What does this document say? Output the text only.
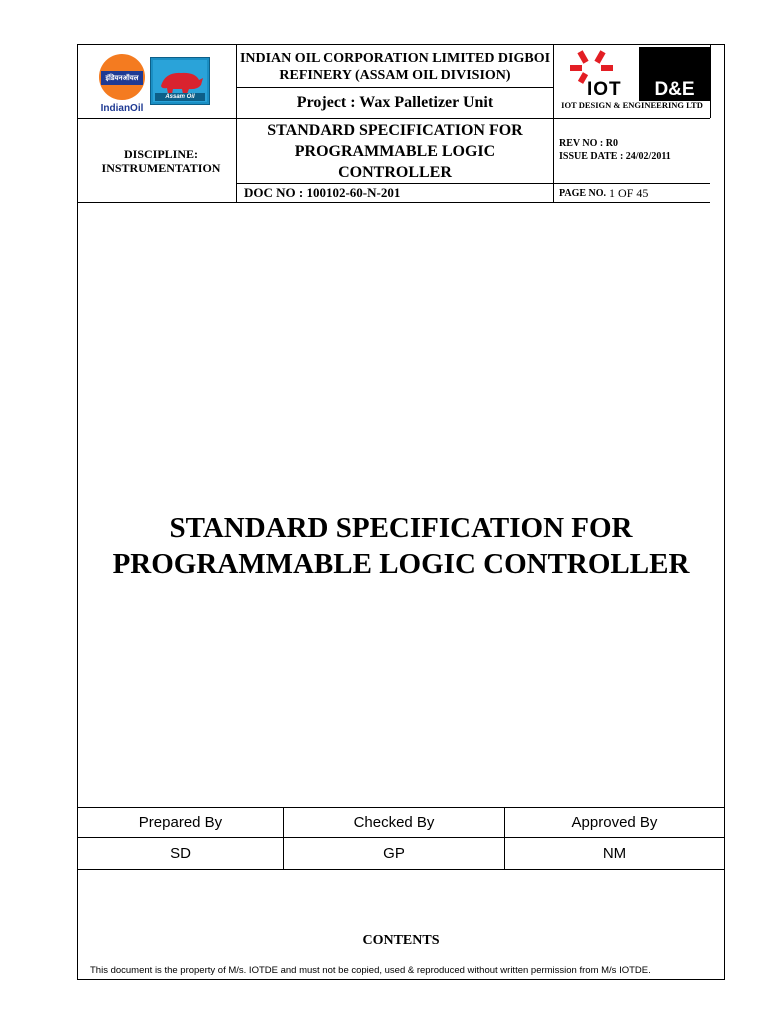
इंडियनऑयल
IndianOil
Assam Oil
INDIAN OIL CORPORATION LIMITED DIGBOI REFINERY (ASSAM OIL DIVISION)
Project : Wax Palletizer Unit
IOT	D&E
IOT DESIGN & ENGINEERING LTD
DISCIPLINE: INSTRUMENTATION
STANDARD SPECIFICATION FOR PROGRAMMABLE LOGIC CONTROLLER
REV NO : R0
ISSUE DATE : 24/02/2011
DOC NO : 100102-60-N-201	PAGE NO.
1 OF 45
STANDARD SPECIFICATION FOR
PROGRAMMABLE LOGIC CONTROLLER
Prepared By	Checked By	Approved By
SD	GP	NM
CONTENTS
This document is the property of M/s. IOTDE and must not be copied, used & reproduced without written permission from M/s IOTDE.
